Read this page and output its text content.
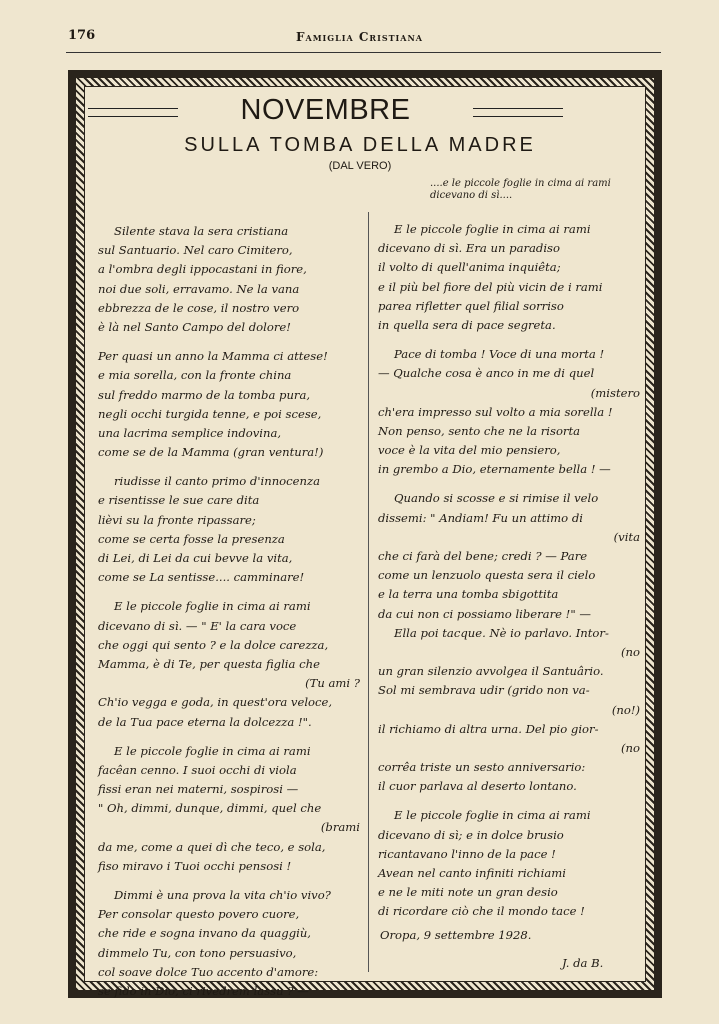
176	Famiglia Cristiana
NOVEMBRE
SULLA TOMBA DELLA MADRE
(DAL VERO)
....e le piccole foglie in cima ai rami
dicevano di sì....
Silente stava la sera cristiana
sul Santuario. Nel caro Cimitero,
a l'ombra degli ippocastani in fiore,
noi due soli, erravamo. Ne la vana
ebbrezza de le cose, il nostro vero
è là nel Santo Campo del dolore!
Per quasi un anno la Mamma ci attese!
e mia sorella, con la fronte china
sul freddo marmo de la tomba pura,
negli occhi turgida tenne, e poi scese,
una lacrima semplice indovina,
come se de la Mamma (gran ventura!)
riudisse il canto primo d'innocenza
e risentisse le sue care dita
lièvi su la fronte ripassare;
come se certa fosse la presenza
di Lei, di Lei da cui bevve la vita,
come se La sentisse.... camminare!
E le piccole foglie in cima ai rami
dicevano di sì. — " E' la cara voce
che oggi qui sento ? e la dolce carezza,
Mamma, è di Te, per questa figlia che
(Tu ami ?
Ch'io vegga e goda, in quest'ora veloce,
de la Tua pace eterna la dolcezza !".
E le piccole foglie in cima ai rami
facêan cenno. I suoi occhi di viola
fissi eran nei materni, sospirosi —
" Oh, dimmi, dunque, dimmi, quel che
(brami
da me, come a quei dì che teco, e sola,
fiso miravo i Tuoi occhi pensosi !
Dimmi è una prova la vita ch'io vivo?
Per consolar questo povero cuore,
che ride e sogna invano da quaggiù,
dimmelo Tu, con tono persuasivo,
col soave dolce Tuo accento d'amore:
se fido in Dio, ci rivedrem lassù ? —
E le piccole foglie in cima ai rami
dicevano di sì. Era un paradiso
il volto di quell'anima inquiêta;
e il più bel fiore del più vicin de i rami
parea rifletter quel filial sorriso
in quella sera di pace segreta.
Pace di tomba ! Voce di una morta !
— Qualche cosa è anco in me di quel
(mistero
ch'era impresso sul volto a mia sorella !
Non penso, sento che ne la risorta
voce è la vita del mio pensiero,
in grembo a Dio, eternamente bella ! —
Quando si scosse e si rimise il velo
dissemi: " Andiam! Fu un attimo di
(vita
che ci farà del bene; credi ? — Pare
come un lenzuolo questa sera il cielo
e la terra una tomba sbigottita
da cui non ci possiamo liberare !" —
Ella poi tacque. Nè io parlavo. Intor-
(no
un gran silenzio avvolgea il Santuârio.
Sol mi sembrava udir (grido non va-
(no!)
il richiamo di altra urna. Del pio gior-
(no
corrêa triste un sesto anniversario:
il cuor parlava al deserto lontano.
E le piccole foglie in cima ai rami
dicevano di sì; e in dolce brusio
ricantavano l'inno de la pace !
Avean nel canto infiniti richiami
e ne le miti note un gran desio
di ricordare ciò che il mondo tace !
Oropa, 9 settembre 1928.
J. da B.
